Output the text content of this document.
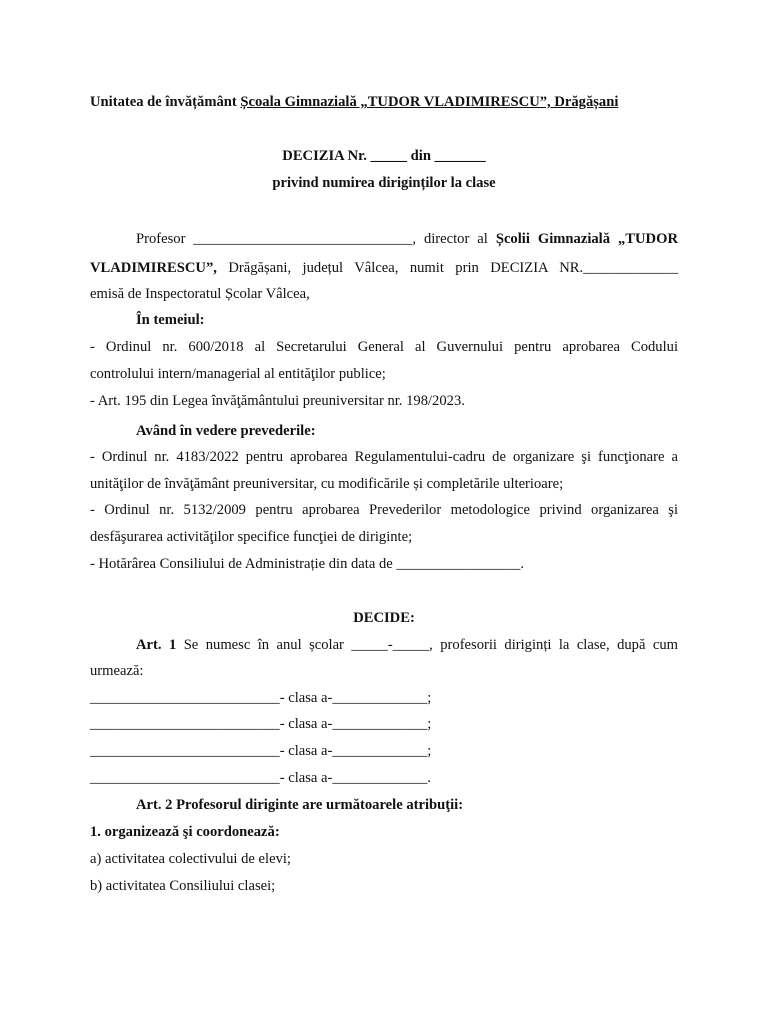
Unitatea de învățământ Școala Gimnazială „TUDOR VLADIMIRESCU”, Drăgășani
DECIZIA Nr. _____ din _______
privind numirea diriginților la clase
Profesor ______________________________, director al Școlii Gimnazială „TUDOR
VLADIMIRESCU”, Drăgășani, județul Vâlcea, numit prin DECIZIA NR._____________
emisă de Inspectoratul Școlar Vâlcea,
În temeiul:
- Ordinul nr. 600/2018 al Secretarului General al Guvernului pentru aprobarea Codului
controlului intern/managerial al entităţilor publice;
- Art. 195 din Legea învăţământului preuniversitar nr. 198/2023.
Având în vedere prevederile:
- Ordinul nr. 4183/2022 pentru aprobarea Regulamentului-cadru de organizare şi funcţionare a
unităţilor de învăţământ preuniversitar, cu modificările și completările ulterioare;
- Ordinul nr. 5132/2009 pentru aprobarea Prevederilor metodologice privind organizarea şi
desfăşurarea activităţilor specifice funcţiei de diriginte;
- Hotărârea Consiliului de Administrație din data de _________________.
DECIDE:
Art. 1 Se numesc în anul școlar _____-_____, profesorii diriginți la clase, după cum
urmează:
__________________________- clasa a-_____________;
__________________________- clasa a-_____________;
__________________________- clasa a-_____________;
__________________________- clasa a-_____________.
Art. 2 Profesorul diriginte are următoarele atribuţii:
1. organizează şi coordonează:
a) activitatea colectivului de elevi;
b) activitatea Consiliului clasei;
